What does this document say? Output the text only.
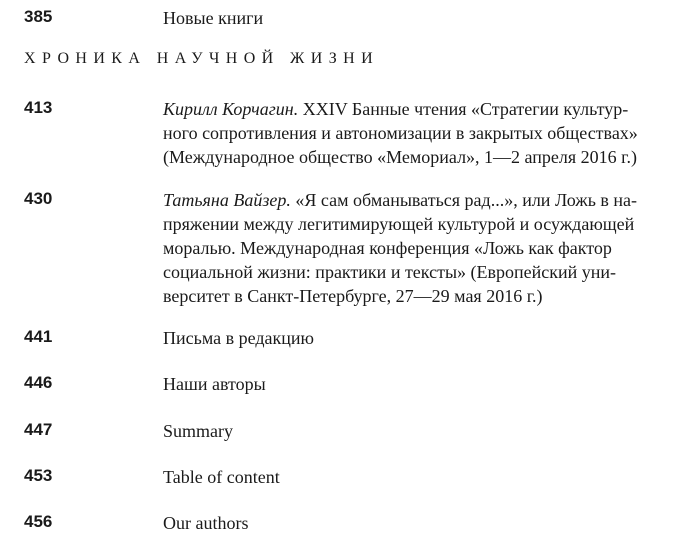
385	Новые книги
ХРОНИКА НАУЧНОЙ ЖИЗНИ
413	Кирилл Корчагин. XXIV Банные чтения «Стратегии культур-
ного сопротивления и автономизации в закрытых обществах»
(Международное общество «Мемориал», 1—2 апреля 2016 г.)
430	Татьяна Вайзер. «Я сам обманываться рад...», или Ложь в на-
пряжении между легитимирующей культурой и осуждающей
моралью. Международная конференция «Ложь как фактор
социальной жизни: практики и тексты» (Европейский уни-
верситет в Санкт-Петербурге, 27—29 мая 2016 г.)
441	Письма в редакцию
446	Наши авторы
447	Summary
453	Table of content
456	Our authors
